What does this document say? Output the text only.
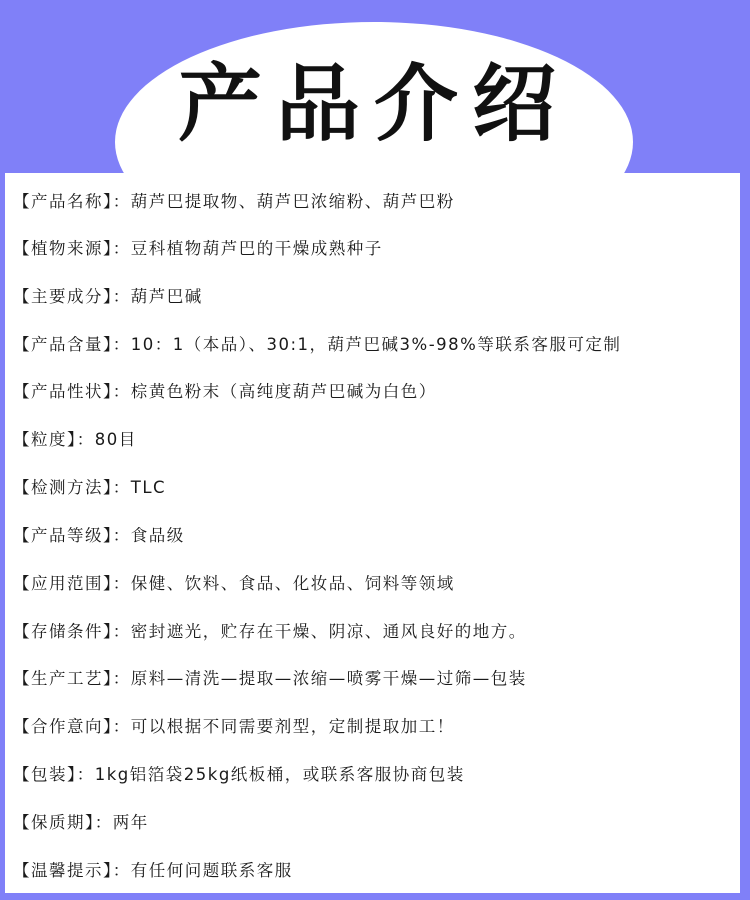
产品介绍
【产品名称】：葫芦巴提取物、葫芦巴浓缩粉、葫芦巴粉
【植物来源】：豆科植物葫芦巴的干燥成熟种子
【主要成分】：葫芦巴碱
【产品含量】：10：1（本品）、30:1，葫芦巴碱3%-98%等联系客服可定制
【产品性状】：棕黄色粉末（高纯度葫芦巴碱为白色）
【粒度】：80目
【检测方法】：TLC
【产品等级】：食品级
【应用范围】：保健、饮料、食品、化妆品、饲料等领域
【存储条件】：密封遮光，贮存在干燥、阴凉、通风良好的地方。
【生产工艺】：原料—清洗—提取—浓缩—喷雾干燥—过筛—包装
【合作意向】：可以根据不同需要剂型，定制提取加工！
【包装】：1kg铝箔袋25kg纸板桶，或联系客服协商包装
【保质期】：两年
【温馨提示】：有任何问题联系客服
